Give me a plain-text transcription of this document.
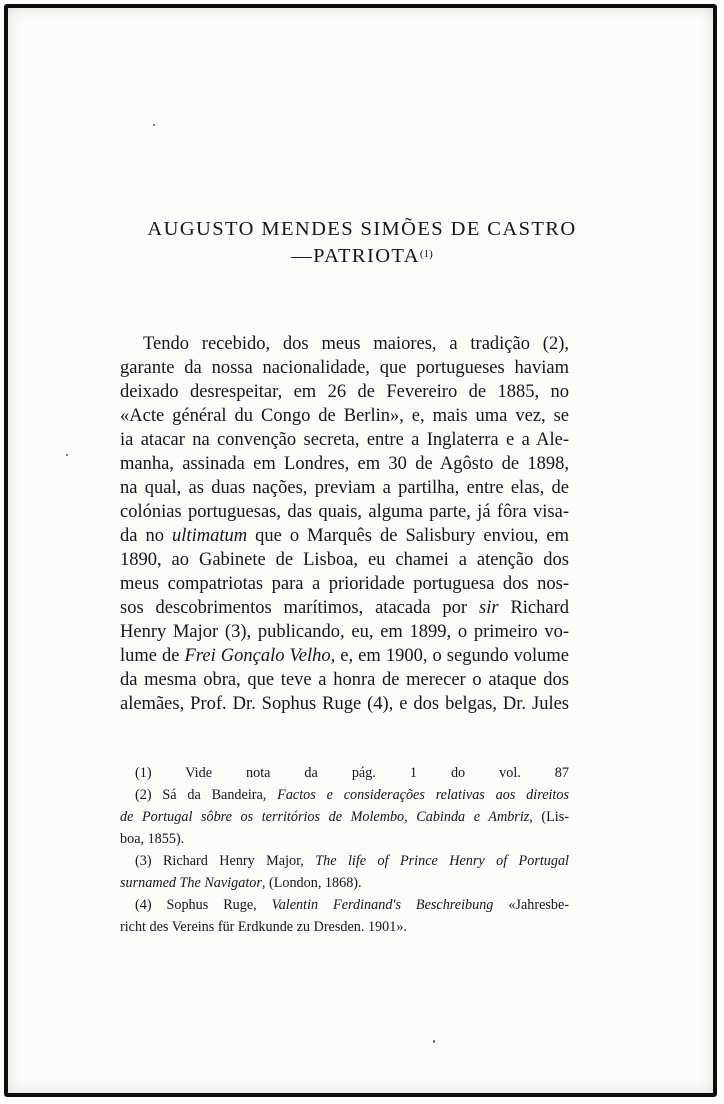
AUGUSTO MENDES SIMÕES DE CASTRO
—PATRIOTA$^{(1)}$
Tendo recebido, dos meus maiores, a tradição (2),
garante da nossa nacionalidade, que portugueses haviam
deixado desrespeitar, em 26 de Fevereiro de 1885, no
«Acte général du Congo de Berlin», e, mais uma vez, se
ia atacar na convenção secreta, entre a Inglaterra e a Ale-
manha, assinada em Londres, em 30 de Agôsto de 1898,
na qual, as duas nações, previam a partilha, entre elas, de
colónias portuguesas, das quais, alguma parte, já fôra visa-
da no ultimatum que o Marquês de Salisbury enviou, em
1890, ao Gabinete de Lisboa, eu chamei a atenção dos
meus compatriotas para a prioridade portuguesa dos nos-
sos descobrimentos marítimos, atacada por sir Richard
Henry Major (3), publicando, eu, em 1899, o primeiro vo-
lume de Frei Gonçalo Velho, e, em 1900, o segundo volume
da mesma obra, que teve a honra de merecer o ataque dos
alemães, Prof. Dr. Sophus Ruge (4), e dos belgas, Dr. Jules
(1) Vide nota da pág. 1 do vol. 87
(2) Sá da Bandeira, Factos e considerações relativas aos direitos
de Portugal sôbre os territórios de Molembo, Cabinda e Ambriz, (Lis-
boa, 1855).
(3) Richard Henry Major, The life of Prince Henry of Portugal
surnamed The Navigator, (London, 1868).
(4) Sophus Ruge, Valentin Ferdinand's Beschreibung «Jahresbe-
richt des Vereins für Erdkunde zu Dresden. 1901».
